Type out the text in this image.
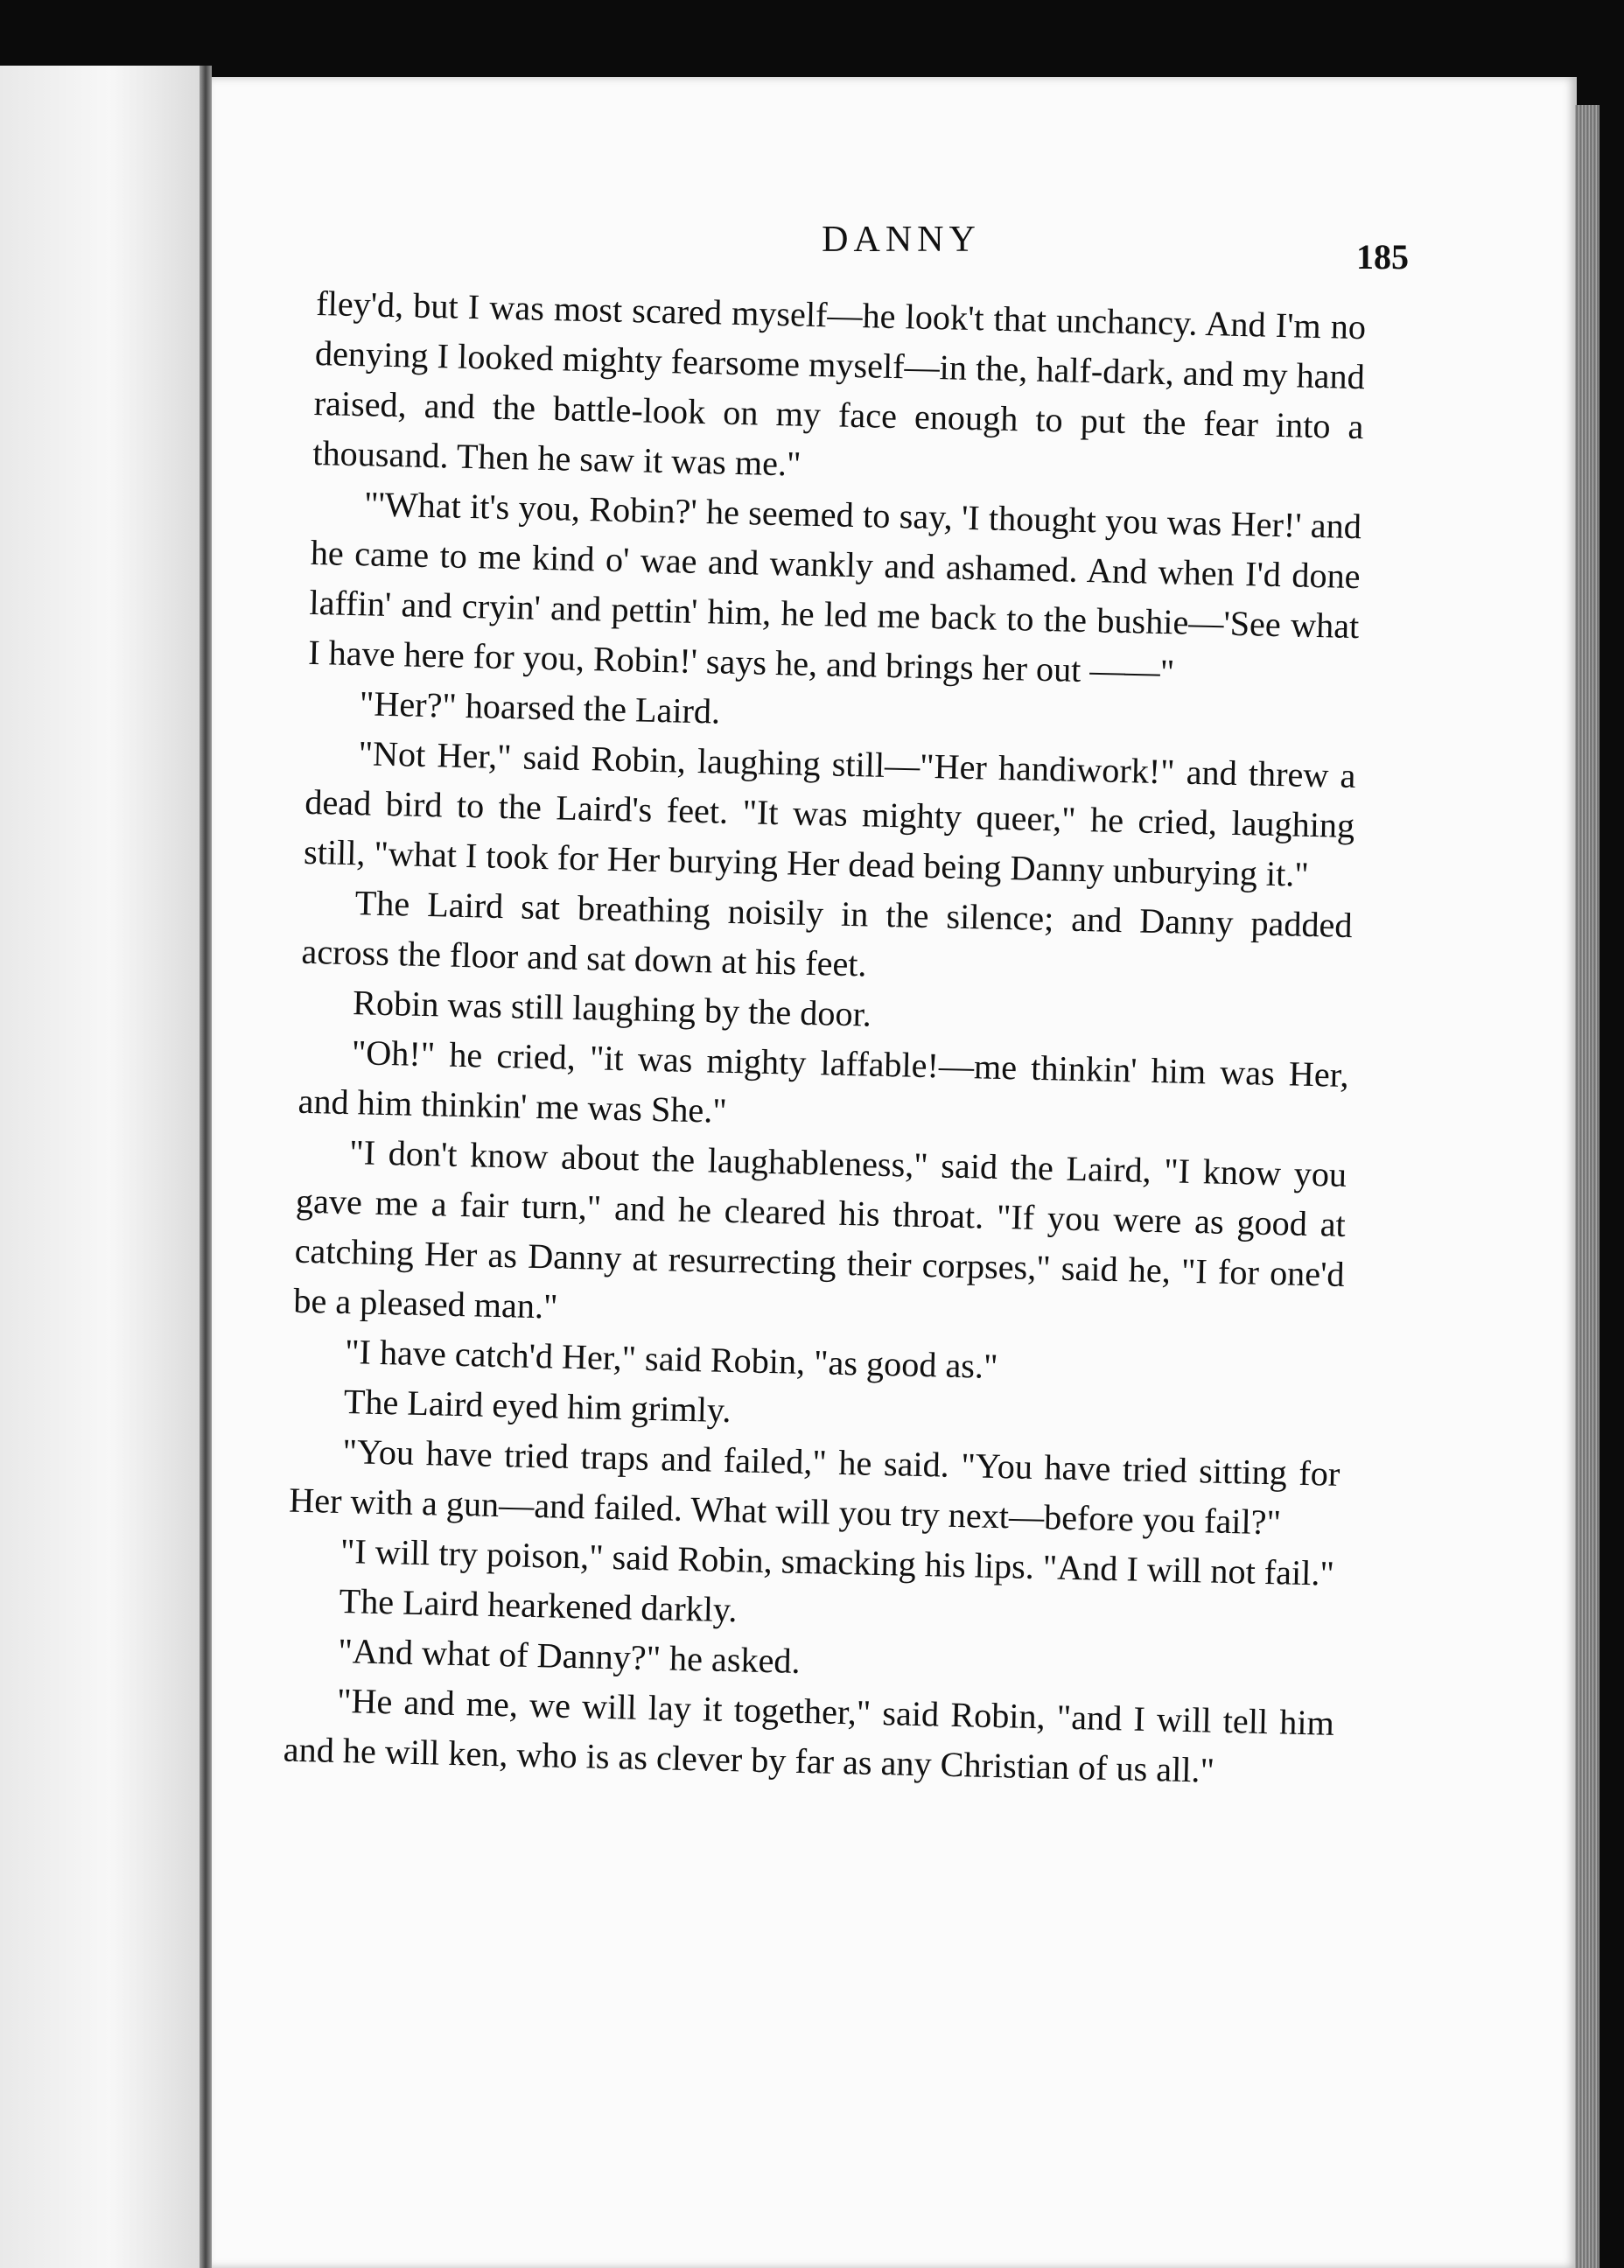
DANNY	185

fley'd, but I was most scared myself—he look't that unchancy. And I'm no denying I looked mighty fearsome myself—in the, half-dark, and my hand raised, and the battle-look on my face enough to put the fear into a thousand. Then he saw it was me."

"'What it's you, Robin?' he seemed to say, 'I thought you was Her!' and he came to me kind o' wae and wankly and ashamed. And when I'd done laffin' and cryin' and pettin' him, he led me back to the bushie—'See what I have here for you, Robin!' says he, and brings her out ——"

"Her?" hoarsed the Laird.

"Not Her," said Robin, laughing still—"Her handiwork!" and threw a dead bird to the Laird's feet. "It was mighty queer," he cried, laughing still, "what I took for Her burying Her dead being Danny unburying it."

The Laird sat breathing noisily in the silence; and Danny padded across the floor and sat down at his feet.

Robin was still laughing by the door.

"Oh!" he cried, "it was mighty laffable!—me thinkin' him was Her, and him thinkin' me was She."

"I don't know about the laughableness," said the Laird, "I know you gave me a fair turn," and he cleared his throat. "If you were as good at catching Her as Danny at resurrecting their corpses," said he, "I for one'd be a pleased man."

"I have catch'd Her," said Robin, "as good as."

The Laird eyed him grimly.

"You have tried traps and failed," he said. "You have tried sitting for Her with a gun—and failed. What will you try next—before you fail?"

"I will try poison," said Robin, smacking his lips. "And I will not fail."

The Laird hearkened darkly.

"And what of Danny?" he asked.

"He and me, we will lay it together," said Robin, "and I will tell him and he will ken, who is as clever by far as any Christian of us all."
